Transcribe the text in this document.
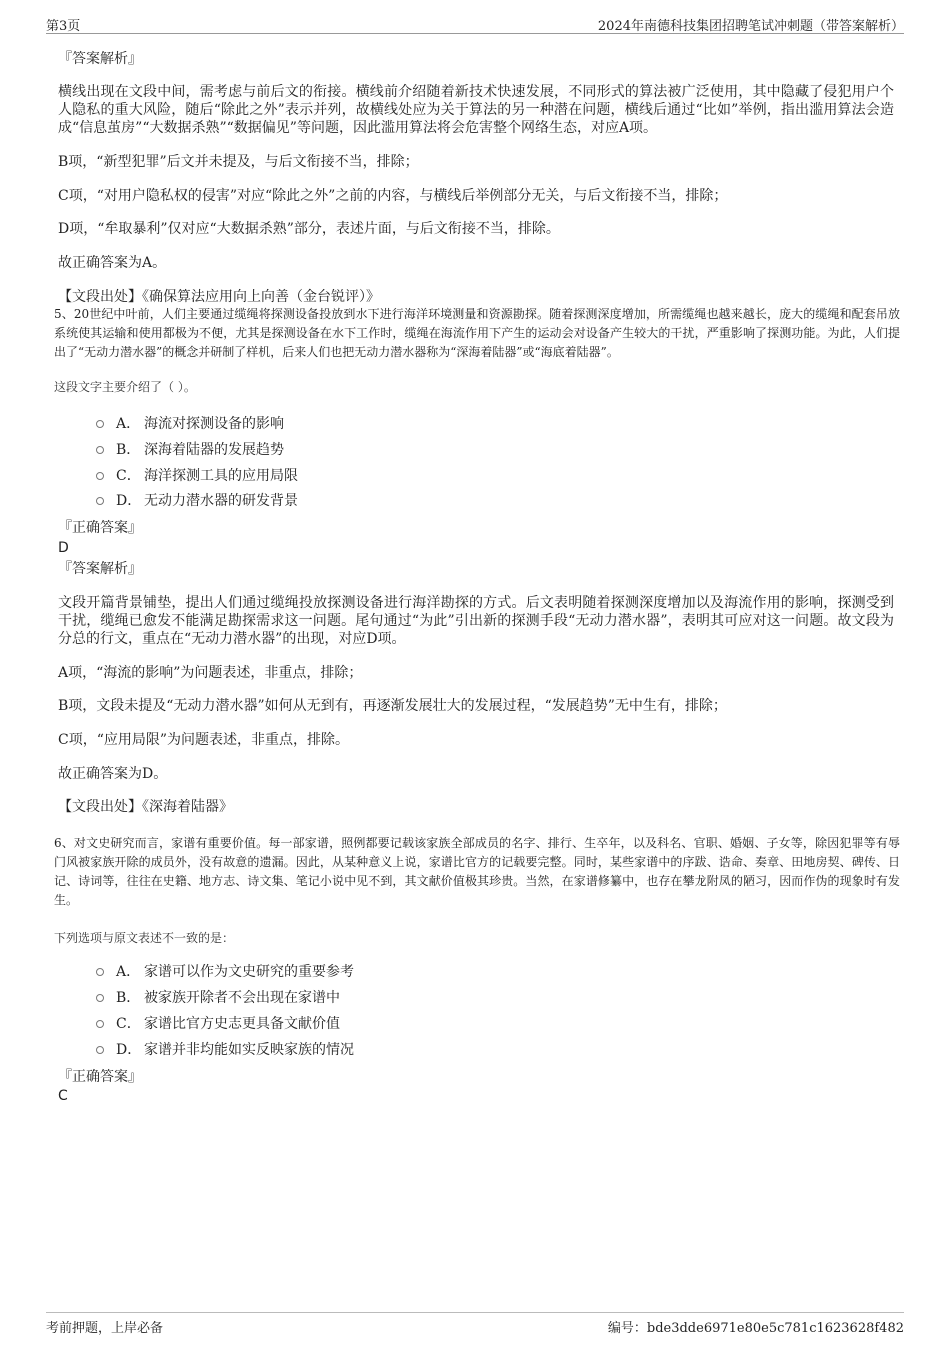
第3页	2024年南德科技集团招聘笔试冲刺题（带答案解析）
『答案解析』
横线出现在文段中间，需考虑与前后文的衔接。横线前介绍随着新技术快速发展，不同形式的算法被广泛使用，其中隐藏了侵犯用户个人隐私的重大风险，随后“除此之外”表示并列，故横线处应为关于算法的另一种潜在问题，横线后通过“比如”举例，指出滥用算法会造成“信息茧房”“大数据杀熟”“数据偏见”等问题，因此滥用算法将会危害整个网络生态，对应A项。
B项，“新型犯罪”后文并未提及，与后文衔接不当，排除；
C项，“对用户隐私权的侵害”对应“除此之外”之前的内容，与横线后举例部分无关，与后文衔接不当，排除；
D项，“牟取暴利”仅对应“大数据杀熟”部分，表述片面，与后文衔接不当，排除。
故正确答案为A。
【文段出处】《确保算法应用向上向善（金台锐评）》
5、20世纪中叶前，人们主要通过缆绳将探测设备投放到水下进行海洋环境测量和资源勘探。随着探测深度增加，所需缆绳也越来越长，庞大的缆绳和配套吊放系统使其运输和使用都极为不便，尤其是探测设备在水下工作时，缆绳在海流作用下产生的运动会对设备产生较大的干扰，严重影响了探测功能。为此，人们提出了“无动力潜水器”的概念并研制了样机，后来人们也把无动力潜水器称为“深海着陆器”或“海底着陆器”。
这段文字主要介绍了（ ）。
A． 海流对探测设备的影响
B． 深海着陆器的发展趋势
C． 海洋探测工具的应用局限
D． 无动力潜水器的研发背景
『正确答案』
D
『答案解析』
文段开篇背景铺垫，提出人们通过缆绳投放探测设备进行海洋勘探的方式。后文表明随着探测深度增加以及海流作用的影响，探测受到干扰，缆绳已愈发不能满足勘探需求这一问题。尾句通过“为此”引出新的探测手段“无动力潜水器”，表明其可应对这一问题。故文段为分总的行文，重点在“无动力潜水器”的出现，对应D项。
A项，“海流的影响”为问题表述，非重点，排除；
B项，文段未提及“无动力潜水器”如何从无到有，再逐渐发展壮大的发展过程，“发展趋势”无中生有，排除；
C项，“应用局限”为问题表述，非重点，排除。
故正确答案为D。
【文段出处】《深海着陆器》
6、对文史研究而言，家谱有重要价值。每一部家谱，照例都要记载该家族全部成员的名字、排行、生卒年，以及科名、官职、婚姻、子女等，除因犯罪等有辱门风被家族开除的成员外，没有故意的遗漏。因此，从某种意义上说，家谱比官方的记载要完整。同时，某些家谱中的序跋、诰命、奏章、田地房契、碑传、日记、诗词等，往往在史籍、地方志、诗文集、笔记小说中见不到，其文献价值极其珍贵。当然，在家谱修纂中，也存在攀龙附凤的陋习，因而作伪的现象时有发生。
下列选项与原文表述不一致的是：
A． 家谱可以作为文史研究的重要参考
B． 被家族开除者不会出现在家谱中
C． 家谱比官方史志更具备文献价值
D． 家谱并非均能如实反映家族的情况
『正确答案』
C
考前押题，上岸必备	编号：bde3dde6971e80e5c781c1623628f482
